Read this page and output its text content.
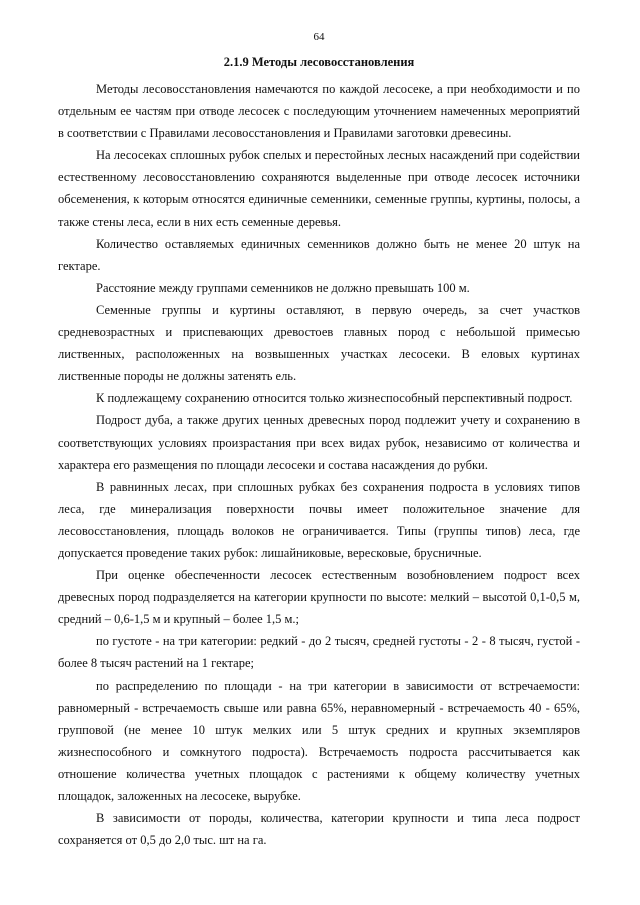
64
2.1.9 Методы лесовосстановления

Методы лесовосстановления намечаются по каждой лесосеке, а при необходимости и по отдельным ее частям при отводе лесосек с последующим уточнением намеченных мероприятий в соответствии с Правилами лесовосстановления и Правилами заготовки древесины.

На лесосеках сплошных рубок спелых и перестойных лесных насаждений при содействии естественному лесовосстановлению сохраняются выделенные при отводе лесосек источники обсеменения, к которым относятся единичные семенники, семенные группы, куртины, полосы, а также стены леса, если в них есть семенные деревья.

Количество оставляемых единичных семенников должно быть не менее 20 штук на гектаре.

Расстояние между группами семенников не должно превышать 100 м.

Семенные группы и куртины оставляют, в первую очередь, за счет участков средневозрастных и приспевающих древостоев главных пород с небольшой примесью лиственных, расположенных на возвышенных участках лесосеки. В еловых куртинах лиственные породы не должны затенять ель.

К подлежащему сохранению относится только жизнеспособный перспективный подрост.

Подрост дуба, а также других ценных древесных пород подлежит учету и сохранению в соответствующих условиях произрастания при всех видах рубок, независимо от количества и характера его размещения по площади лесосеки и состава насаждения до рубки.

В равнинных лесах, при сплошных рубках без сохранения подроста в условиях типов леса, где минерализация поверхности почвы имеет положительное значение для лесовосстановления, площадь волоков не ограничивается. Типы (группы типов) леса, где допускается проведение таких рубок: лишайниковые, вересковые, брусничные.

При оценке обеспеченности лесосек естественным возобновлением подрост всех древесных пород подразделяется на категории крупности по высоте: мелкий – высотой 0,1-0,5 м, средний – 0,6-1,5 м и крупный – более 1,5 м.;

по густоте - на три категории: редкий - до 2 тысяч, средней густоты - 2 - 8 тысяч, густой - более 8 тысяч растений на 1 гектаре;

по распределению по площади - на три категории в зависимости от встречаемости: равномерный - встречаемость свыше или равна 65%, неравномерный - встречаемость 40 - 65%, групповой (не менее 10 штук мелких или 5 штук средних и крупных экземпляров жизнеспособного и сомкнутого подроста). Встречаемость подроста рассчитывается как отношение количества учетных площадок с растениями к общему количеству учетных площадок, заложенных на лесосеке, вырубке.

В зависимости от породы, количества, категории крупности и типа леса подрост сохраняется от 0,5 до 2,0 тыс. шт на га.
